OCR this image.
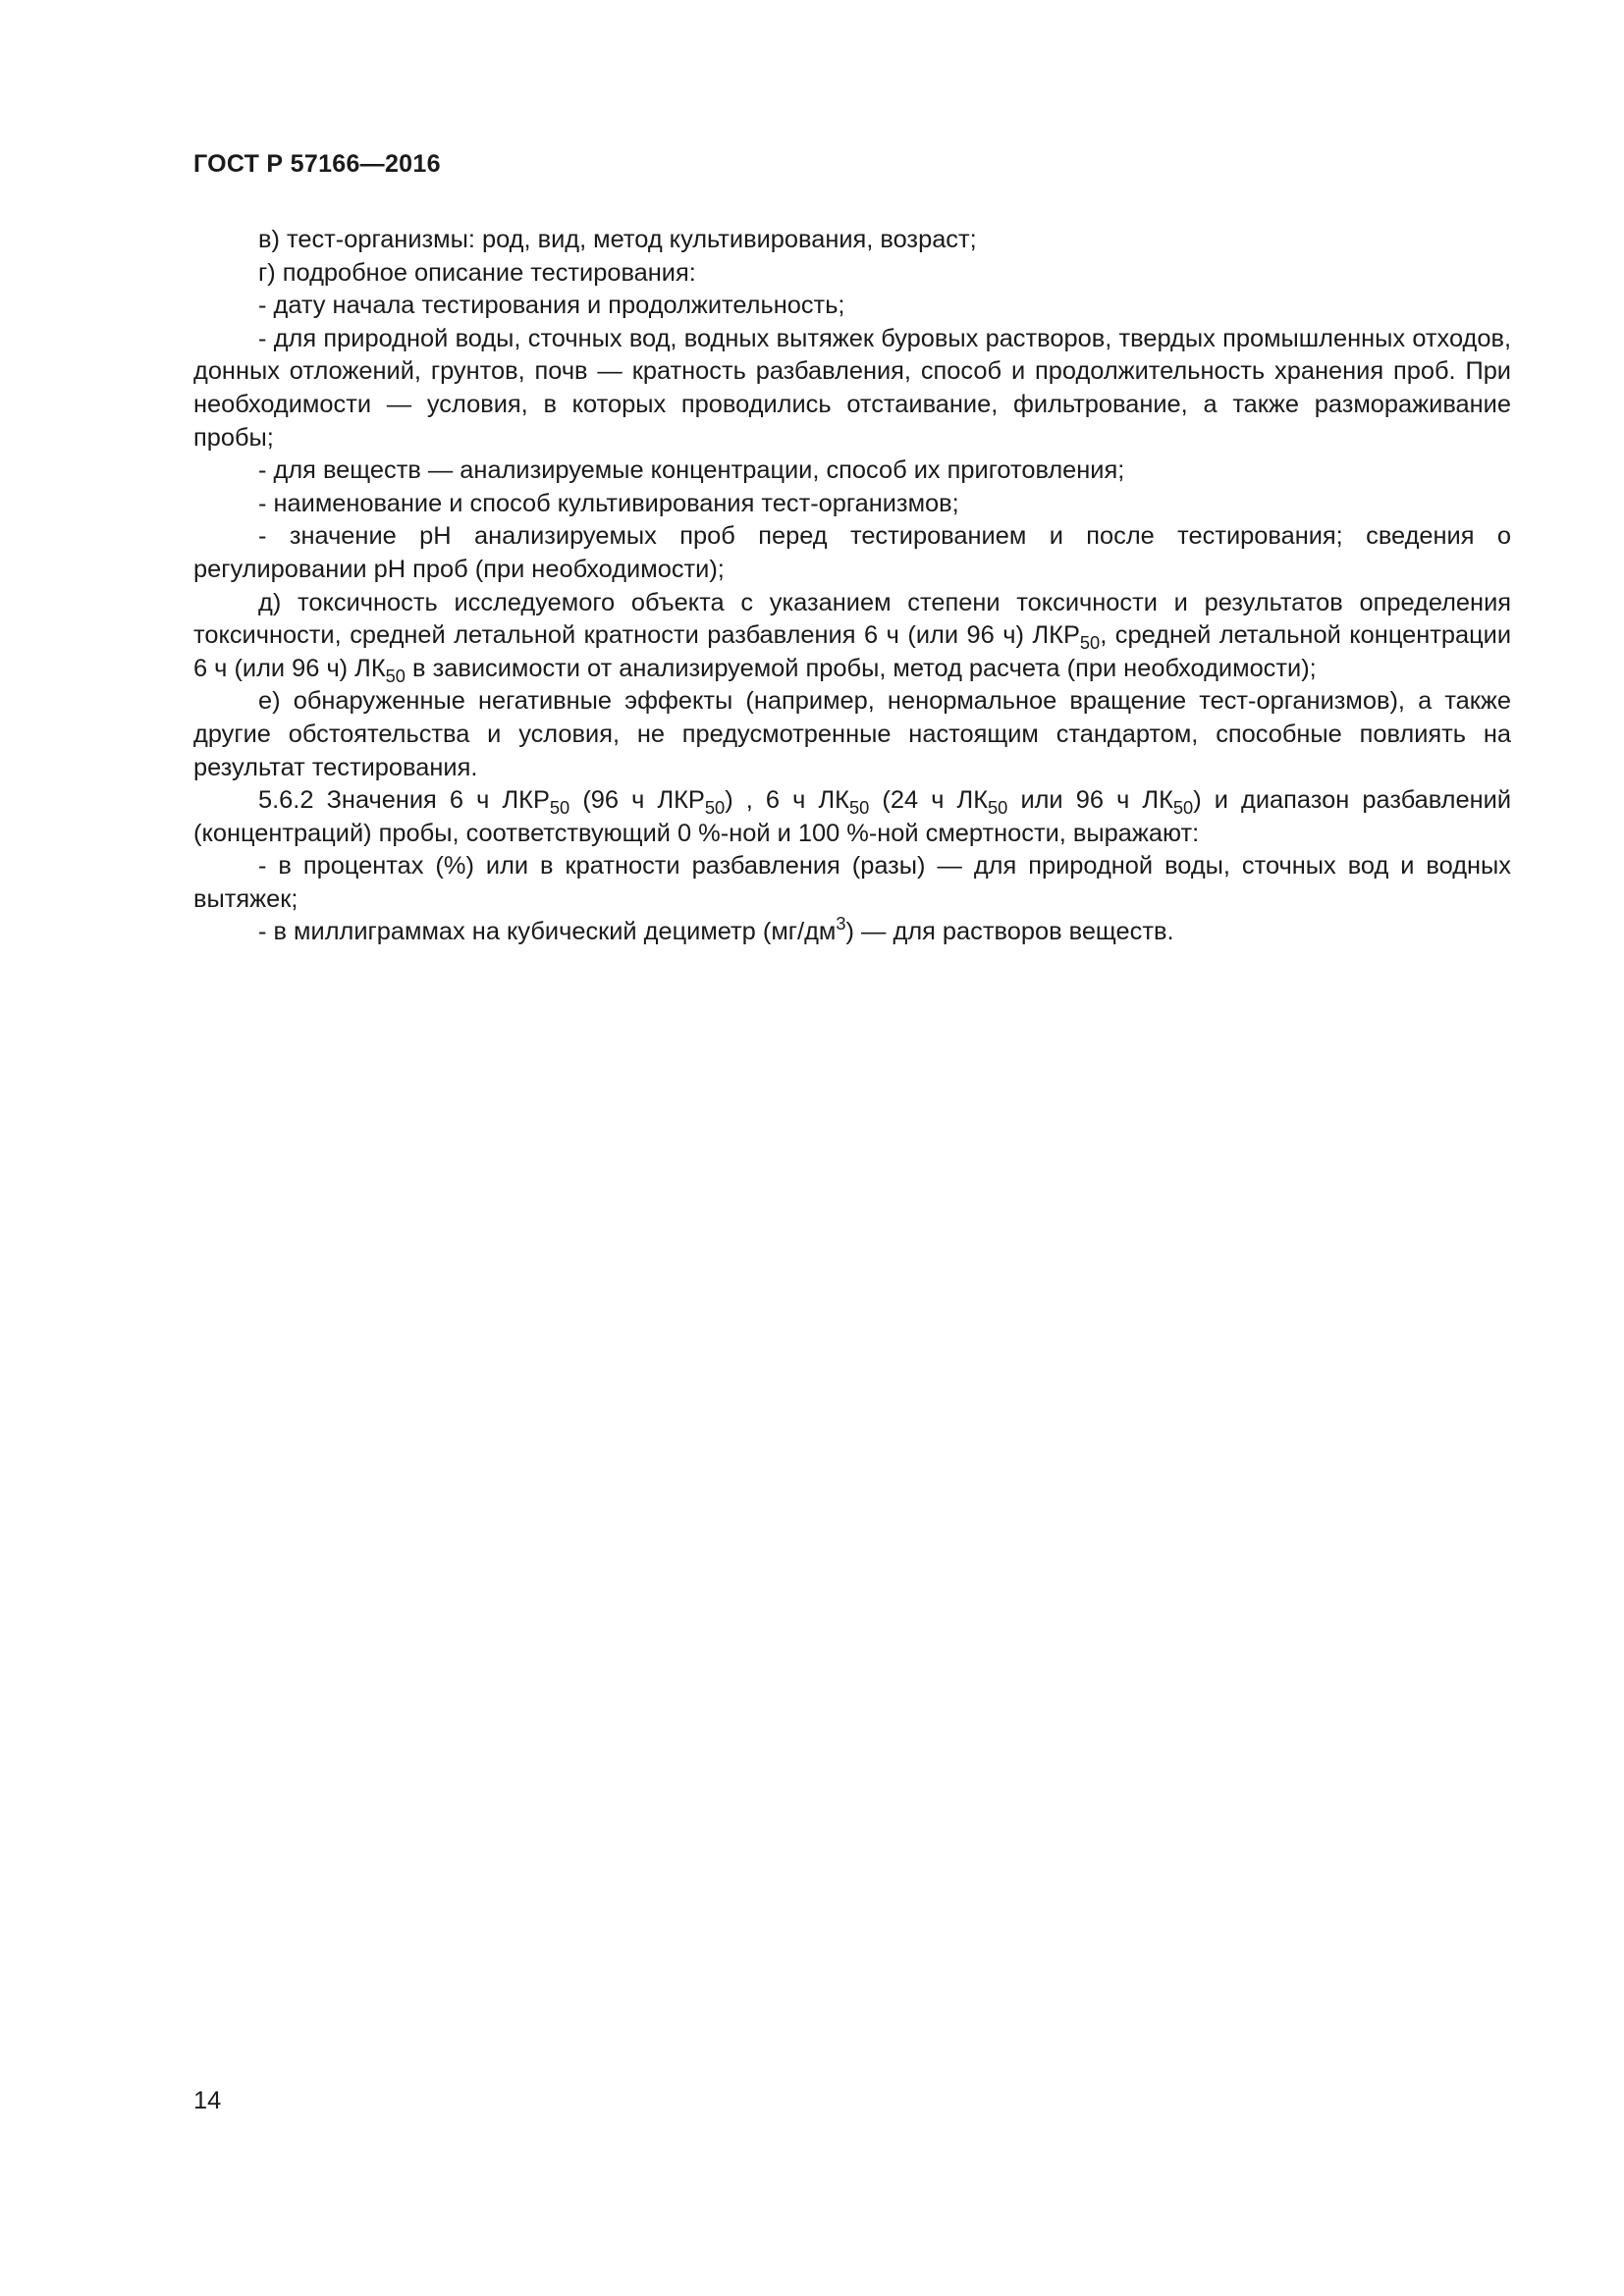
ГОСТ Р 57166—2016

в) тест-организмы: род, вид, метод культивирования, возраст;

г) подробное описание тестирования:

- дату начала тестирования и продолжительность;

- для природной воды, сточных вод, водных вытяжек буровых растворов, твердых промышленных отходов, донных отложений, грунтов, почв — кратность разбавления, способ и продолжительность хранения проб. При необходимости — условия, в которых проводились отстаивание, фильтрование, а также размораживание пробы;

- для веществ — анализируемые концентрации, способ их приготовления;

- наименование и способ культивирования тест-организмов;

- значение pH анализируемых проб перед тестированием и после тестирования; сведения о регулировании pH проб (при необходимости);

д) токсичность исследуемого объекта с указанием степени токсичности и результатов определения токсичности, средней летальной кратности разбавления 6 ч (или 96 ч) $ЛКР_{50}$, средней летальной концентрации 6 ч (или 96 ч) $ЛК_{50}$ в зависимости от анализируемой пробы, метод расчета (при необходимости);

е) обнаруженные негативные эффекты (например, ненормальное вращение тест-организмов), а также другие обстоятельства и условия, не предусмотренные настоящим стандартом, способные повлиять на результат тестирования.

5.6.2 Значения 6 ч $ЛКР_{50}$ (96 ч $ЛКР_{50}$) , 6 ч $ЛК_{50}$ (24 ч $ЛК_{50}$ или 96 ч $ЛК_{50}$) и диапазон разбавлений (концентраций) пробы, соответствующий 0 %-ной и 100 %-ной смертности, выражают:

- в процентах (%) или в кратности разбавления (разы) — для природной воды, сточных вод и водных вытяжек;

- в миллиграммах на кубический дециметр $(мг/дм^3)$ — для растворов веществ.

14
